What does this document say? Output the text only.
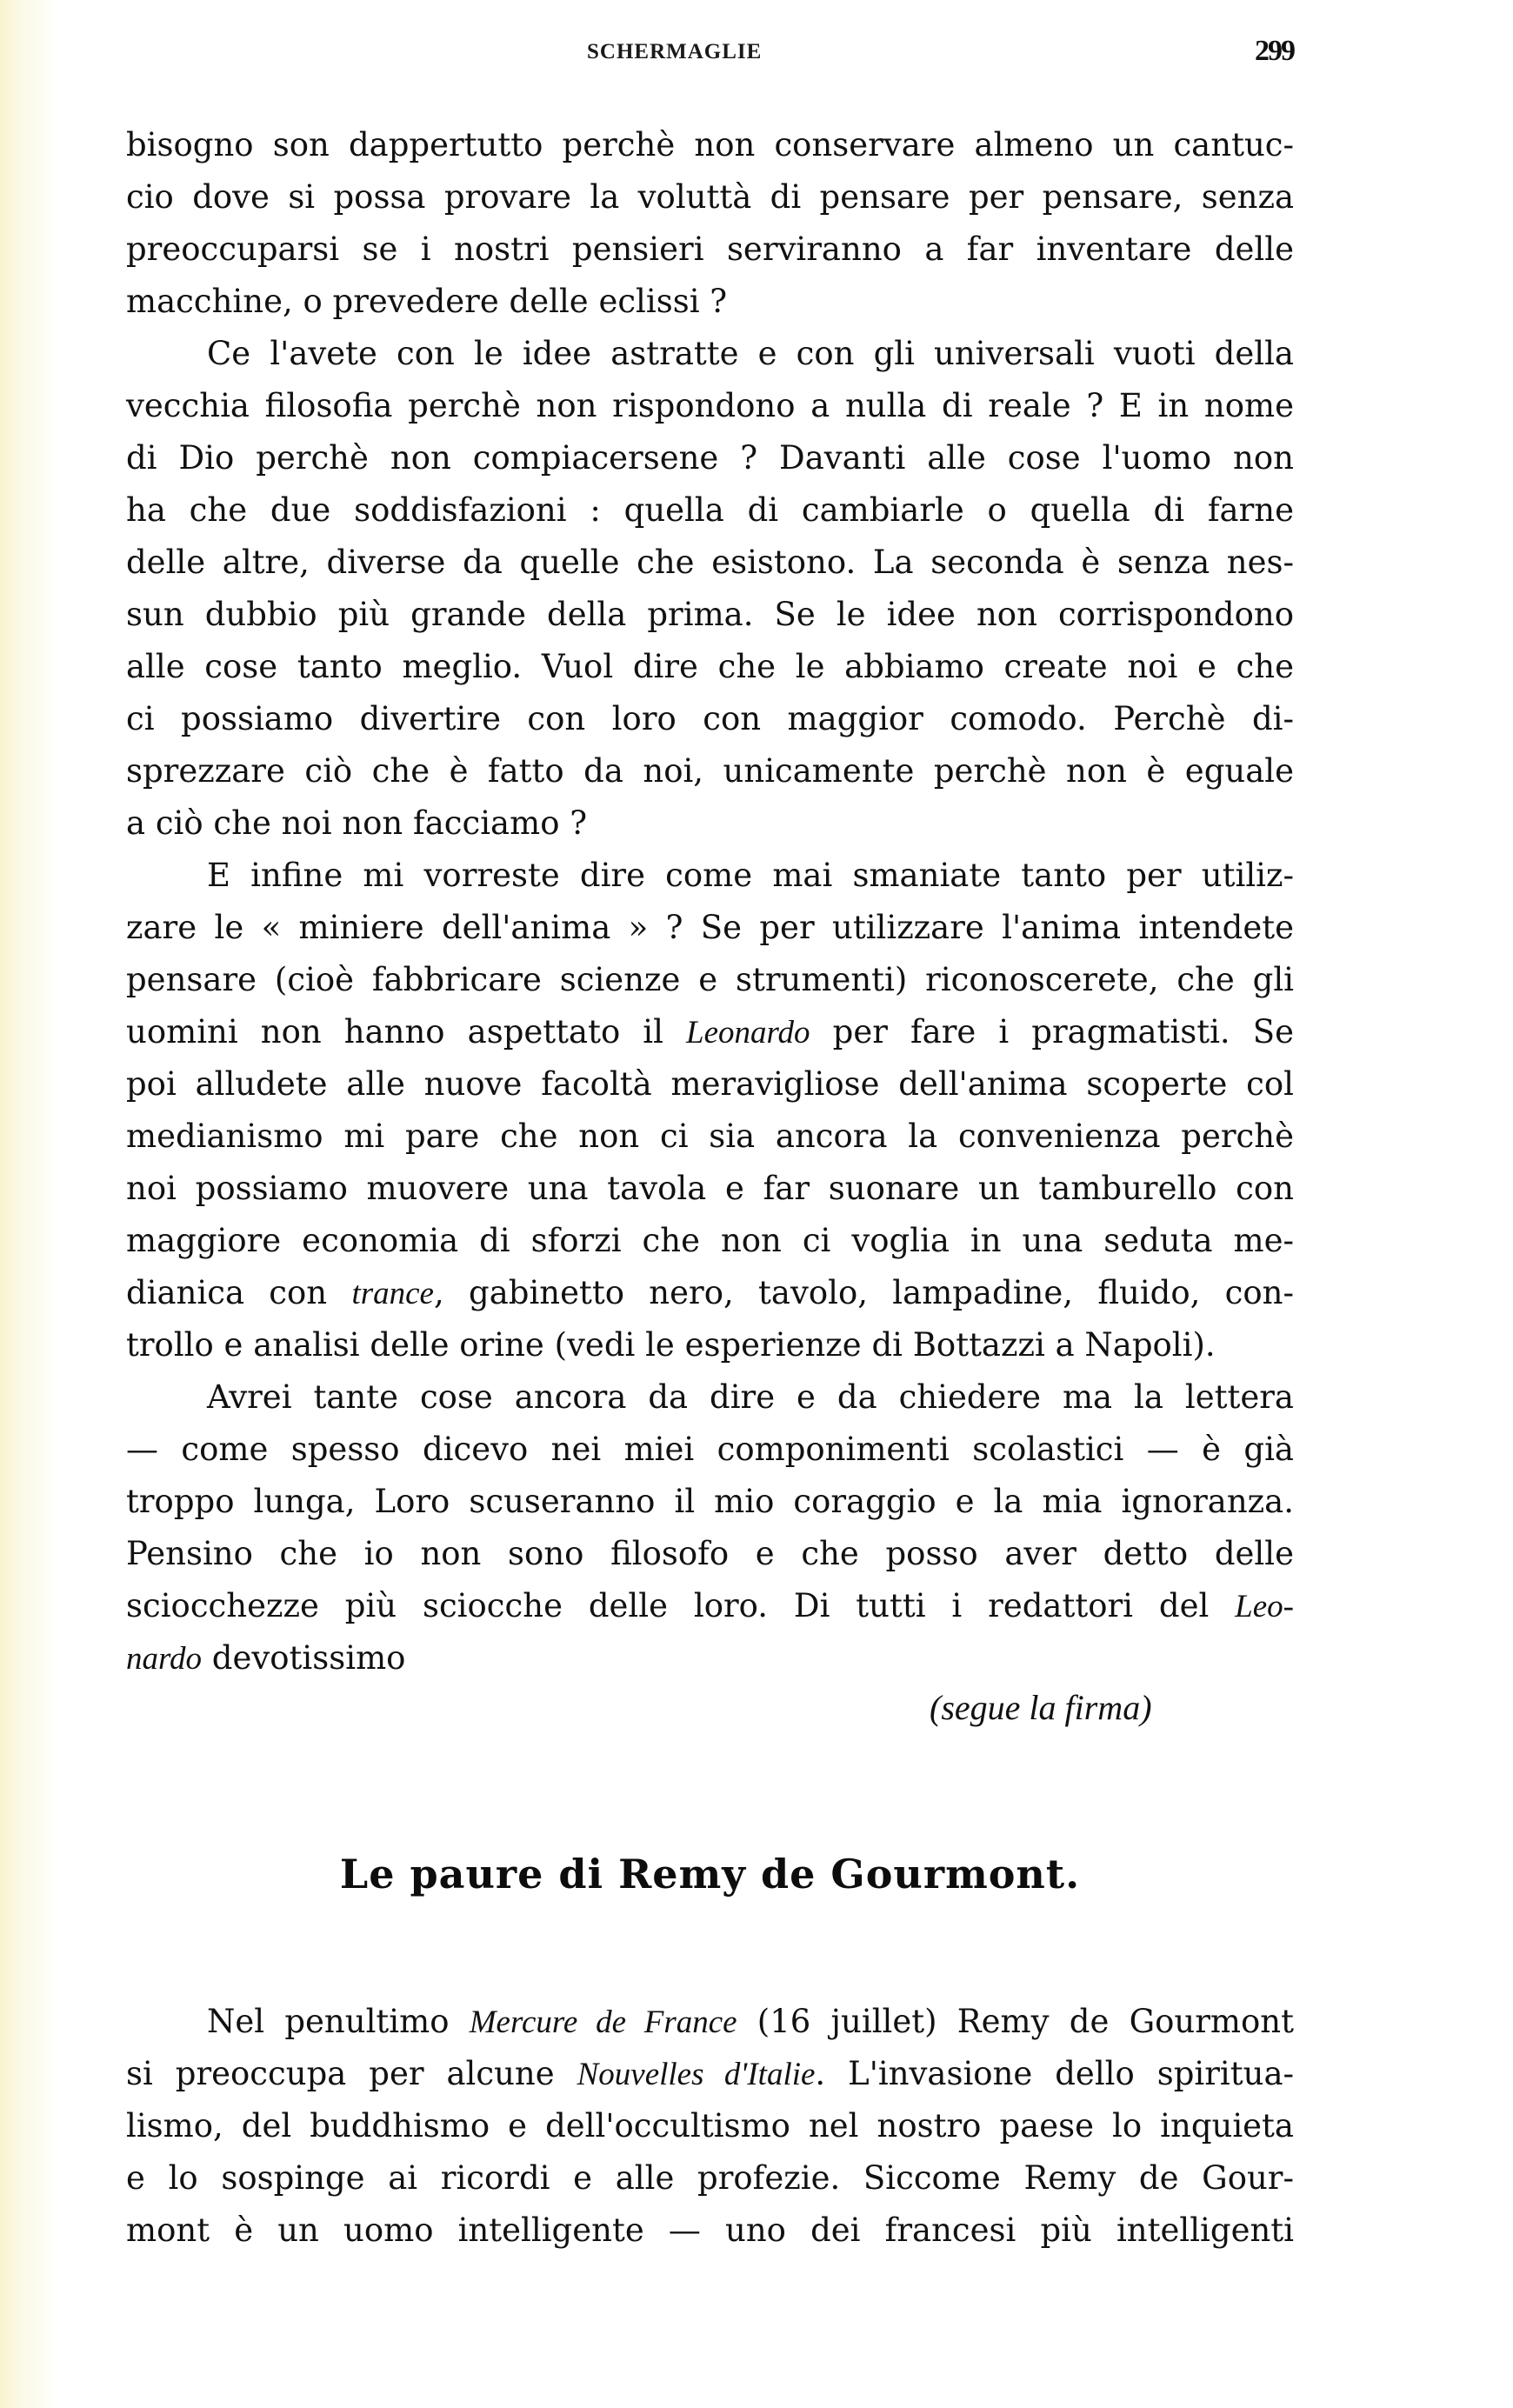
SCHERMAGLIE	299
bisogno son dappertutto perchè non conservare almeno un cantuc-
cio dove si possa provare la voluttà di pensare per pensare, senza
preoccuparsi se i nostri pensieri serviranno a far inventare delle
macchine, o prevedere delle eclissi ?
Ce l'avete con le idee astratte e con gli universali vuoti della
vecchia filosofia perchè non rispondono a nulla di reale ? E in nome
di Dio perchè non compiacersene ? Davanti alle cose l'uomo non
ha che due soddisfazioni : quella di cambiarle o quella di farne
delle altre, diverse da quelle che esistono. La seconda è senza nes-
sun dubbio più grande della prima. Se le idee non corrispondono
alle cose tanto meglio. Vuol dire che le abbiamo create noi e che
ci possiamo divertire con loro con maggior comodo. Perchè di-
sprezzare ciò che è fatto da noi, unicamente perchè non è eguale
a ciò che noi non facciamo ?
E infine mi vorreste dire come mai smaniate tanto per utiliz-
zare le « miniere dell'anima » ? Se per utilizzare l'anima intendete
pensare (cioè fabbricare scienze e strumenti) riconoscerete, che gli
uomini non hanno aspettato il Leonardo per fare i pragmatisti. Se
poi alludete alle nuove facoltà meravigliose dell'anima scoperte col
medianismo mi pare che non ci sia ancora la convenienza perchè
noi possiamo muovere una tavola e far suonare un tamburello con
maggiore economia di sforzi che non ci voglia in una seduta me-
dianica con trance, gabinetto nero, tavolo, lampadine, fluido, con-
trollo e analisi delle orine (vedi le esperienze di Bottazzi a Napoli).
Avrei tante cose ancora da dire e da chiedere ma la lettera
— come spesso dicevo nei miei componimenti scolastici — è già
troppo lunga, Loro scuseranno il mio coraggio e la mia ignoranza.
Pensino che io non sono filosofo e che posso aver detto delle
sciocchezze più sciocche delle loro. Di tutti i redattori del Leo-
nardo devotissimo
(segue la firma)
Le paure di Remy de Gourmont.
Nel penultimo Mercure de France (16 juillet) Remy de Gourmont
si preoccupa per alcune Nouvelles d'Italie. L'invasione dello spiritua-
lismo, del buddhismo e dell'occultismo nel nostro paese lo inquieta
e lo sospinge ai ricordi e alle profezie. Siccome Remy de Gour-
mont è un uomo intelligente — uno dei francesi più intelligenti
